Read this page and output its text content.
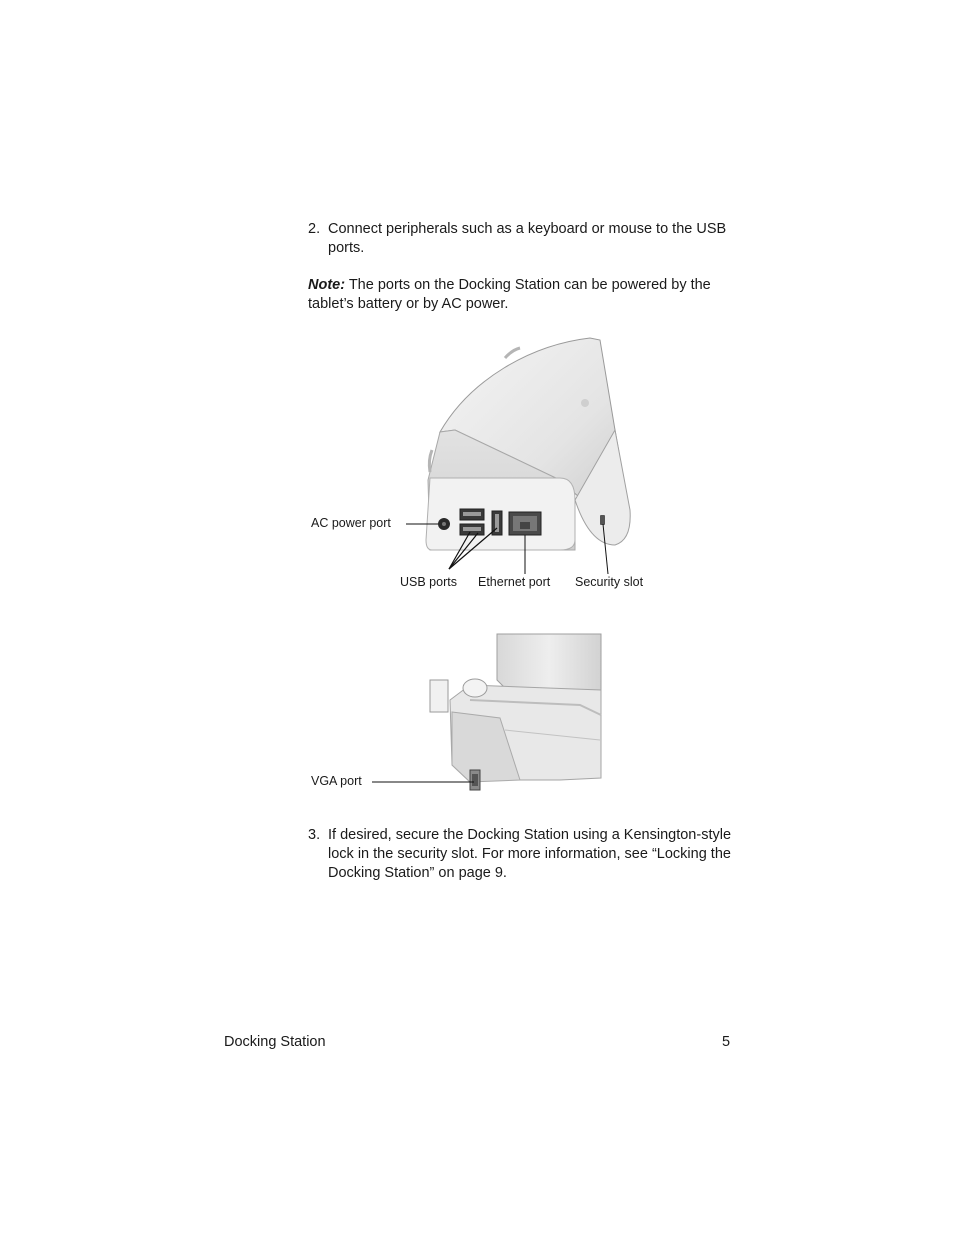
2. Connect peripherals such as a keyboard or mouse to the USB ports.
Note: The ports on the Docking Station can be powered by the tablet’s battery or by AC power.
AC power port
USB ports Ethernet port Security slot
VGA port
3. If desired, secure the Docking Station using a Kensington-style lock in the security slot. For more information, see “Locking the Docking Station” on page 9.
Docking Station	5
